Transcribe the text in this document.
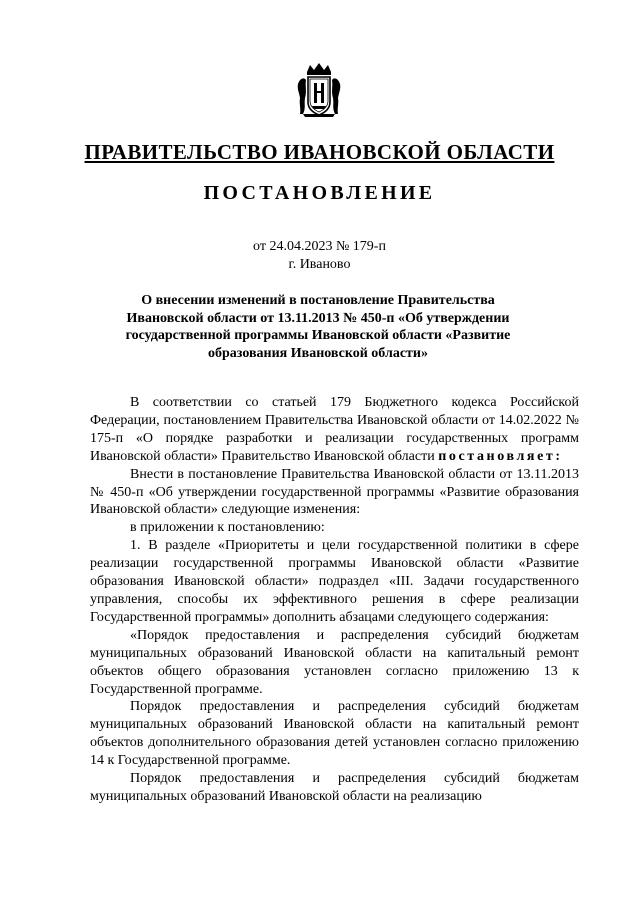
ПРАВИТЕЛЬСТВО ИВАНОВСКОЙ ОБЛАСТИ
ПОСТАНОВЛЕНИЕ
от 24.04.2023 № 179-п
г. Иваново
О внесении изменений в постановление Правительства Ивановской области от 13.11.2013 № 450-п «Об утверждении государственной программы Ивановской области «Развитие образования Ивановской области»

В соответствии со статьей 179 Бюджетного кодекса Российской Федерации, постановлением Правительства Ивановской области от 14.02.2022 № 175-п «О порядке разработки и реализации государственных программ Ивановской области» Правительство Ивановской области постановляет:

Внести в постановление Правительства Ивановской области от 13.11.2013 № 450-п «Об утверждении государственной программы «Развитие образования Ивановской области» следующие изменения:

в приложении к постановлению:

1. В разделе «Приоритеты и цели государственной политики в сфере реализации государственной программы Ивановской области «Развитие образования Ивановской области» подраздел «III. Задачи государственного управления, способы их эффективного решения в сфере реализации Государственной программы» дополнить абзацами следующего содержания:

«Порядок предоставления и распределения субсидий бюджетам муниципальных образований Ивановской области на капитальный ремонт объектов общего образования установлен согласно приложению 13 к Государственной программе.

Порядок предоставления и распределения субсидий бюджетам муниципальных образований Ивановской области на капитальный ремонт объектов дополнительного образования детей установлен согласно приложению 14 к Государственной программе.

Порядок предоставления и распределения субсидий бюджетам муниципальных образований Ивановской области на реализацию
